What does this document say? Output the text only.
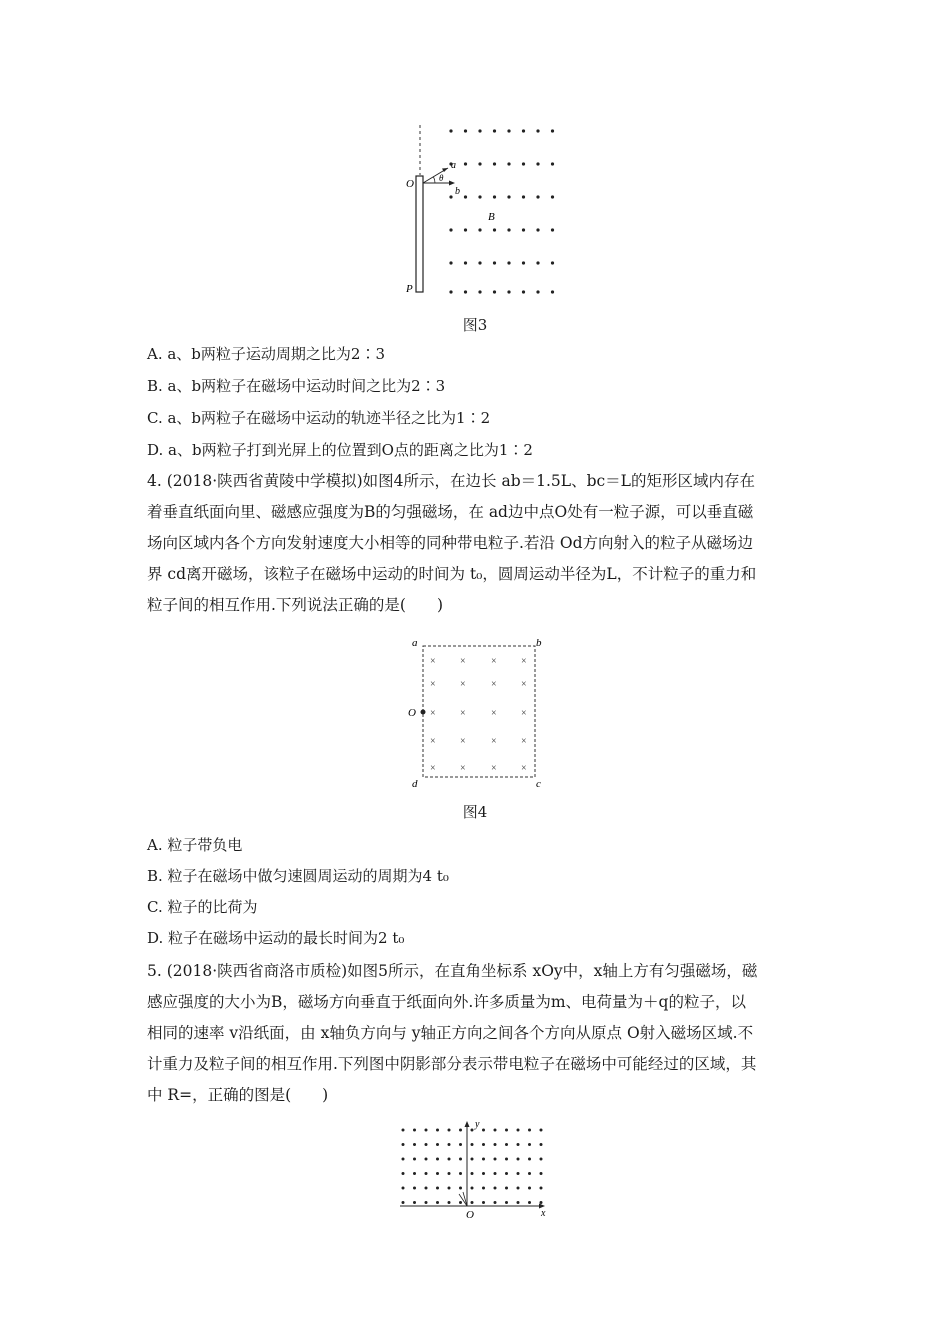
O
P
a
b
θ
B
图3
A. a、b两粒子运动周期之比为2∶3
B. a、b两粒子在磁场中运动时间之比为2∶3
C. a、b两粒子在磁场中运动的轨迹半径之比为1∶2
D. a、b两粒子打到光屏上的位置到O点的距离之比为1∶2
4. (2018·陕西省黄陵中学模拟)如图4所示，在边长 ab＝1.5L、bc＝L的矩形区域内存在
着垂直纸面向里、磁感应强度为B的匀强磁场，在 ad边中点O处有一粒子源，可以垂直磁
场向区域内各个方向发射速度大小相等的同种带电粒子.若沿 Od方向射入的粒子从磁场边
界 cd离开磁场，该粒子在磁场中运动的时间为 t₀，圆周运动半径为L，不计粒子的重力和
粒子间的相互作用.下列说法正确的是(　　)
× ×	× ×
× ×	× ×
× ×	× ×
× ×	× ×
× ×	× ×
a	b
c
d
O
图4
A. 粒子带负电
B. 粒子在磁场中做匀速圆周运动的周期为4 t₀
C. 粒子的比荷为
D. 粒子在磁场中运动的最长时间为2 t₀
5. (2018·陕西省商洛市质检)如图5所示，在直角坐标系 xOy中，x轴上方有匀强磁场，磁
感应强度的大小为B，磁场方向垂直于纸面向外.许多质量为m、电荷量为＋q的粒子，以
相同的速率 v沿纸面，由 x轴负方向与 y轴正方向之间各个方向从原点 O射入磁场区域.不
计重力及粒子间的相互作用.下列图中阴影部分表示带电粒子在磁场中可能经过的区域，其
中 R=，正确的图是(　　)
y
x
O
